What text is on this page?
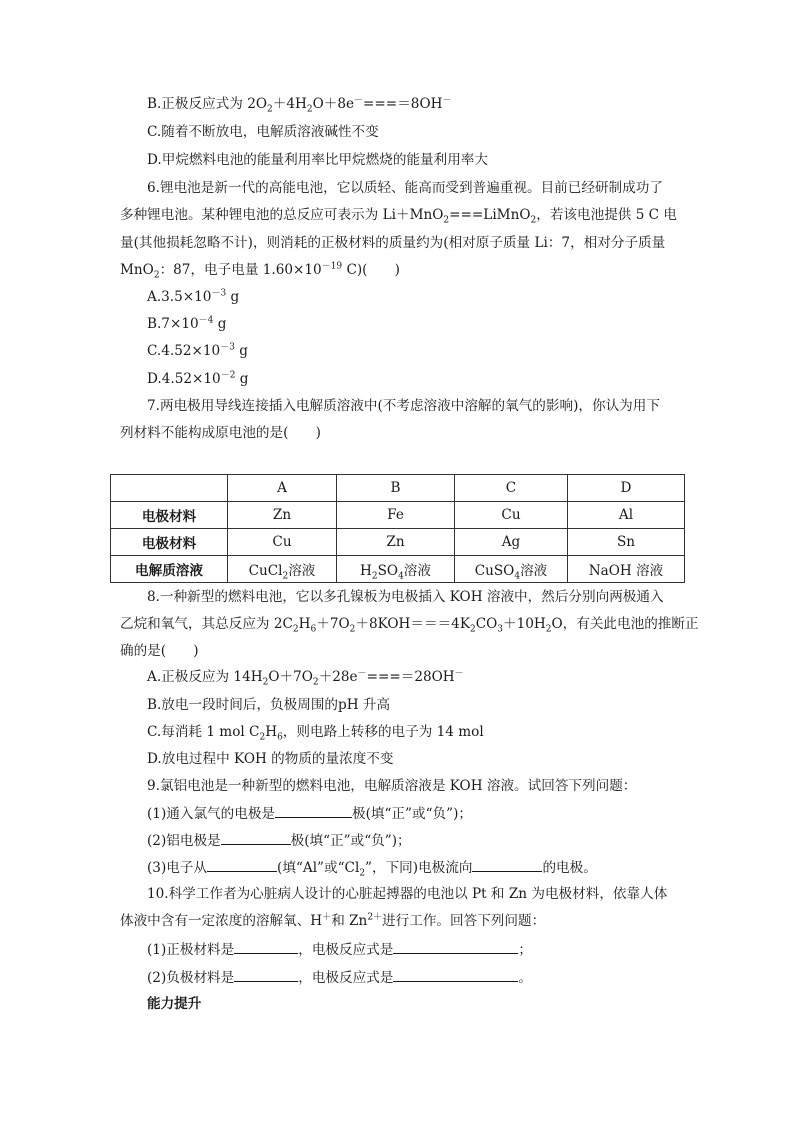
B.正极反应式为 $2O_2+4H_2O+8e^-====8OH^-$
C.随着不断放电，电解质溶液碱性不变
D.甲烷燃料电池的能量利用率比甲烷燃烧的能量利用率大
6.锂电池是新一代的高能电池，它以质轻、能高而受到普遍重视。目前已经研制成功了
多种锂电池。某种锂电池的总反应可表示为 Li＋MnO$_2$===LiMnO$_2$，若该电池提供 5 C 电
量(其他损耗忽略不计)，则消耗的正极材料的质量约为(相对原子质量 Li：7，相对分子质量
MnO$_2$：87，电子电量 $1.60\times 10^{-19}$ C)(　　)
$A.3.5\times 10^{-3}$ g
$B.7\times 10^{-4}$ g
$C.4.52\times 10^{-3}$ g
$D.4.52\times 10^{-2}$ g
7.两电极用导线连接插入电解质溶液中(不考虑溶液中溶解的氧气的影响)，你认为用下
列材料不能构成原电池的是(　　)
	A	B	C	D
电极材料	Zn	Fe	Cu	Al
电极材料	Cu	Zn	Ag	Sn
电解质溶液	CuCl$_2$溶液	$H_2SO_4$溶液	CuSO$_4$溶液	NaOH 溶液
8.一种新型的燃料电池，它以多孔镍板为电极插入 KOH 溶液中，然后分别向两极通入
乙烷和氧气，其总反应为 $2C_2H_6+7O_2+8KOH===4K_2CO_3+10H_2O$，有关此电池的推断正
确的是(　　)
A.正极反应为 $14H_2O+7O_2+28e^-====28OH^-$
B.放电一段时间后，负极周围的pH 升高
C.每消耗 1 mol $C_2H_6$，则电路上转移的电子为 14 mol
D.放电过程中 KOH 的物质的量浓度不变
9.氯铝电池是一种新型的燃料电池，电解质溶液是 KOH 溶液。试回答下列问题：
(1)通入氯气的电极是	极(填“正”或“负”)；
(2)铝电极是	极(填“正”或“负”)；
(3)电子从	(填“Al”或“$Cl_2$”，下同)电极流向	的电极。
10.科学工作者为心脏病人设计的心脏起搏器的电池以 Pt 和 Zn 为电极材料，依靠人体
体液中含有一定浓度的溶解氧、H＋和 $Zn^{2+}$进行工作。回答下列问题：
(1)正极材料是	，电极反应式是	；
(2)负极材料是	，电极反应式是	。
能力提升
